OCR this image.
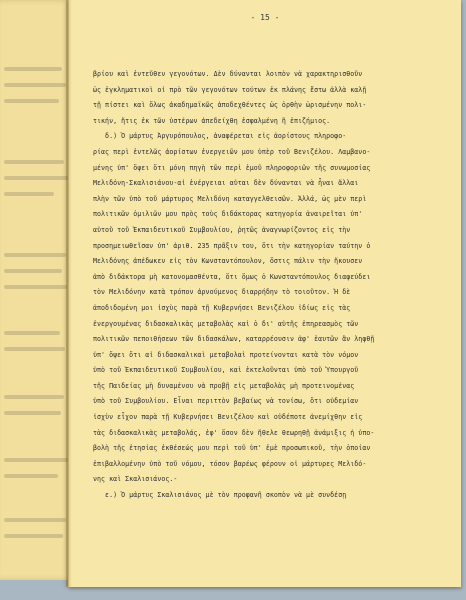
- 15 -
βρίου καὶ ἐντεῦθεν γεγονότων. Δὲν δύνανται λοιπὸν νὰ χαρακτηρισθοῦν
ὡς ἐγκληματικοὶ οἱ πρὸ τῶν γεγονότων τούτων ἐκ πλάνης ἔστω ἀλλὰ καλῇ
τῇ πίστει καὶ ὅλως ἀκαδημαϊκῶς ἀποδεχθέντες ὡς ὀρθὴν ὡρισμένην πολι-
τικήν, ἥτις ἐκ τῶν ὑστέρων ἀπεδείχθη ἐσφαλμένη ἢ ἐπιζήμιος.
δ.) Ὁ μάρτυς Ἀργυρόπουλος, ἀναφέρεται εἰς ἀορίστους πληροφο-
ρίας περὶ ἐντελῶς ἀορίστων ἐνεργειῶν μου ὑπὲρ τοῦ Βενιζέλου. Λαμβανο-
μένης ὑπ' ὄψει ὅτι μόνη πηγὴ τῶν περὶ ἐμοῦ πληροφοριῶν τῆς συνωμοσίας
Μελιδόνη-Σκαλισιάνου-αἱ ἐνέργειαι αὐται δὲν δύνανται νὰ ἦναι ἄλλαι
πλὴν τῶν ὑπὸ τοῦ μάρτυρος Μελιδόνη καταγγελθεισῶν. Ἀλλά, ὡς μὲν περὶ
πολιτικῶν ὁμιλιῶν μου πρὸς τοὺς διδάκτορας κατηγορία ἀναιρεῖται ὑπ'
αὐτοῦ τοῦ Ἐκπαιδευτικοῦ Συμβουλίου, ῥητῶς ἀναγνωρίζοντος εἰς τὴν
προσημειωθεῖσαν ὑπ' ἀριθ. 235 πρᾶξιν του, ὅτι τὴν κατηγορίαν ταύτην ὁ
Μελιδόνης ἀπέδωκεν εἰς τὸν Κωνσταντόπουλον, ὅστις πάλιν τὴν ἤκουσεν
ἀπὸ διδάκτορα μὴ κατονομασθέντα, ὅτι ὅμως ὁ Κωνσταντόπουλος διαφεύδει
τὸν Μελιδόνην κατὰ τρόπον ἀρνούμενος διαρρήδην τὸ τοιοῦτον. Ἡ δὲ
ἀποδιδομένη μοι ἰσχὺς παρὰ τῇ Κυβερνήσει Βενιζέλου ἰδίως εἰς τὰς
ἐνεργουμένας διδασκαλικὰς μεταβολὰς καὶ ὁ δι' αὐτῆς ἐπηρεασμὸς τῶν
πολιτικῶν πεποιθήσεων τῶν διδασκάλων, καταρρέουσιν ἀφ' ἑαυτῶν ἂν ληφθῇ
ὑπ' ὄψει ὅτι αἱ διδασκαλικαὶ μεταβολαὶ προτείνονται κατὰ τὸν νόμον
ὑπὸ τοῦ Ἐκπαιδευτικοῦ Συμβουλίου, καὶ ἐκτελοῦνται ὑπὸ τοῦ Ὑπουργοῦ
τῆς Παιδείας μὴ δυναμένου νὰ προβῇ εἰς μεταβολὰς μὴ προτεινομένας
ὑπὸ τοῦ Συμβουλίου. Εἶναι περιττὸν βεβαίως νὰ τονίσω, ὅτι οὐδεμίαν
ἰσχὺν εἶχον παρὰ τῇ Κυβερνήσει Βενιζέλου καὶ οὐδέποτε ἀνεμίχθην εἰς
τὰς διδασκαλικὰς μεταβολάς, ἐφ' ὅσον δὲν ἤθελε θεωρηθῇ ἀνάμιξις ἡ ὑπο-
βολὴ τῆς ἐτησίας ἐκθέσεώς μου περὶ τοῦ ὑπ' ἐμὲ προσωπικοῦ, τὴν ὁποίαν
ἐπιβαλλομένην ὑπὸ τοῦ νόμου, τόσον βαρέως φέρουν οἱ μάρτυρες Μελιδό-
νης καὶ Σκαλισιάνος.-
ε.) Ὁ μάρτυς Σκαλισιάνος μὲ τὸν προφανῆ σκοπὸν νὰ μὲ συνδέσῃ
